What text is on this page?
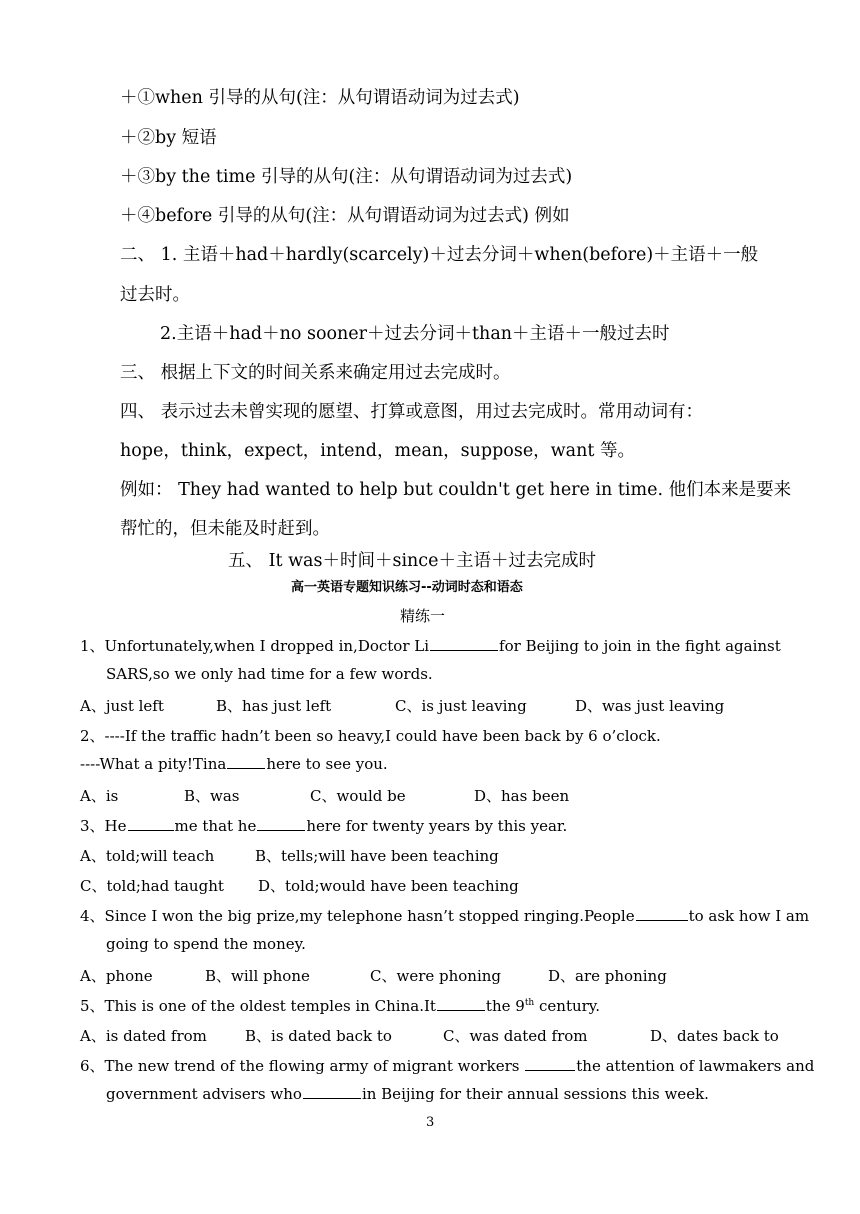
＋①when 引导的从句(注：从句谓语动词为过去式)
＋②by 短语
＋③by the time 引导的从句(注：从句谓语动词为过去式)
＋④before 引导的从句(注：从句谓语动词为过去式) 例如
二、 1. 主语＋had＋hardly(scarcely)＋过去分词＋when(before)＋主语＋一般
过去时。
2.主语＋had＋no sooner＋过去分词＋than＋主语＋一般过去时
三、 根据上下文的时间关系来确定用过去完成时。
四、 表示过去未曾实现的愿望、打算或意图，用过去完成时。常用动词有：
hope，think，expect，intend，mean，suppose，want 等。
例如： They had wanted to help but couldn't get here in time. 他们本来是要来
帮忙的，但未能及时赶到。
五、 It was＋时间＋since＋主语＋过去完成时
高一英语专题知识练习--动词时态和语态
精练一
1、Unfortunately,when I dropped in,Doctor Li	for Beijing to join in the fight against
SARS,so we only had time for a few words.
A、just left	B、has just left	C、is just leaving	D、was just leaving
2、----If the traffic hadn’t been so heavy,I could have been back by 6 o’clock.
----What a pity!Tina	here to see you.
A、is	B、was	C、would be	D、has been
3、He	me that he	here for twenty years by this year.
A、told;will teach	B、tells;will have been teaching
C、told;had taught D、told;would have been teaching
4、Since I won the big prize,my telephone hasn’t stopped ringing.People	to ask how I am
going to spend the money.
A、phone	B、will phone	C、were phoning	D、are phoning
5、This is one of the oldest temples in China.It	the 9th century.
A、is dated from	B、is dated back to	C、was dated from	D、dates back to
6、The new trend of the flowing army of migrant workers	the attention of lawmakers and
government advisers who	in Beijing for their annual sessions this week.
3
